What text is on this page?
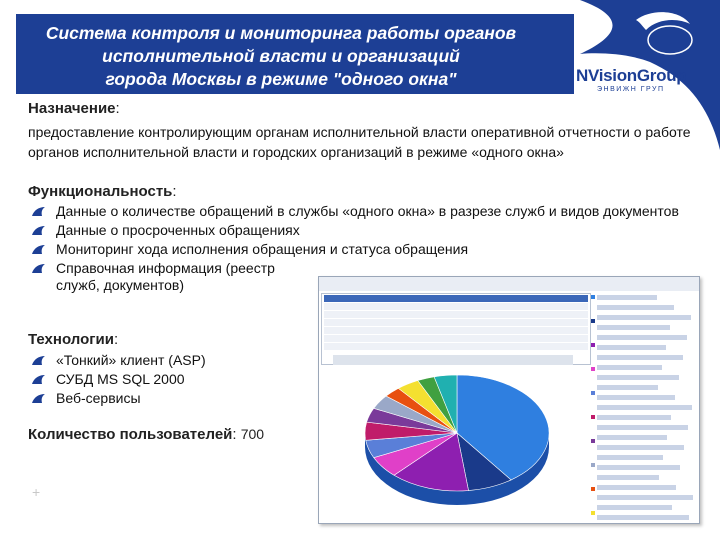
Система контроля и мониторинга работы органов
исполнительной власти и организаций
города Москвы в режиме "одного окна"	NVisionGroup
ЭНВИЖН ГРУП
Назначение:
предоставление контролирующим органам исполнительной власти оперативной отчетности о работе органов исполнительной власти и городских организаций в режиме «одного окна»
Функциональность:
Данные о количестве обращений в службы «одного окна» в разрезе служб и видов документов
Данные о просроченных обращениях
Мониторинг хода исполнения обращения и статуса обращения
Справочная информация (реестр служб, документов)
Технологии:
«Тонкий» клиент (ASP)
СУБД MS SQL 2000
Веб-сервисы
Количество пользователей: 700
+
